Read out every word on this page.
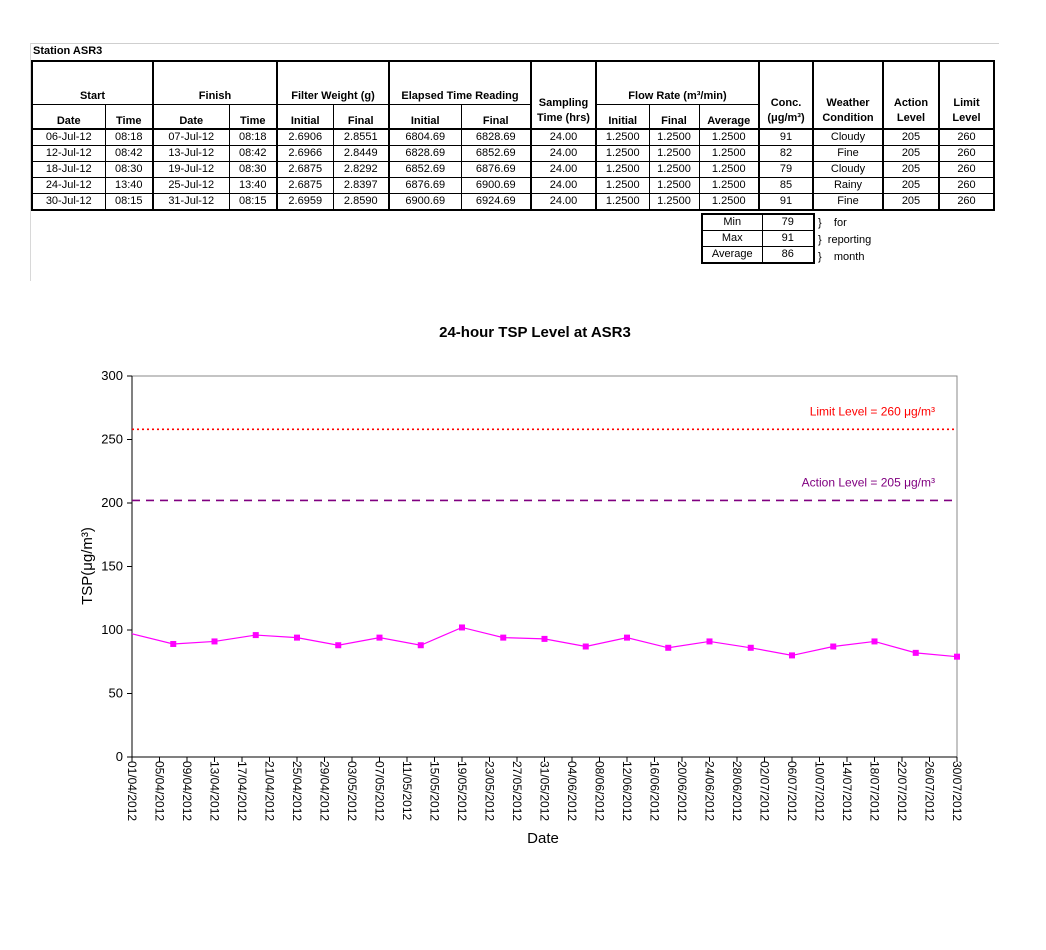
Station ASR3
Start		Finish		Filter Weight (g)		Elapsed Time Reading		Sampling Time (hrs)	Flow Rate (m³/min)			Conc. (μg/m³)	Weather Condition	Action Level	Limit Level
Date	Time	Date	Time	Initial	Final	Initial	Final		Initial	Final	Average				
06-Jul-12	08:18	07-Jul-12	08:18	2.6906	2.8551	6804.69	6828.69	24.00	1.2500	1.2500	1.2500	91	Cloudy	205	260
12-Jul-12	08:42	13-Jul-12	08:42	2.6966	2.8449	6828.69	6852.69	24.00	1.2500	1.2500	1.2500	82	Fine	205	260
18-Jul-12	08:30	19-Jul-12	08:30	2.6875	2.8292	6852.69	6876.69	24.00	1.2500	1.2500	1.2500	79	Cloudy	205	260
24-Jul-12	13:40	25-Jul-12	13:40	2.6875	2.8397	6876.69	6900.69	24.00	1.2500	1.2500	1.2500	85	Rainy	205	260
30-Jul-12	08:15	31-Jul-12	08:15	2.6959	2.8590	6900.69	6924.69	24.00	1.2500	1.2500	1.2500	91	Fine	205	260
Min	79
Max	91
Average	86
}    for
}  reporting
}    month
24-hour TSP Level at ASR3
0
50
100
150
200
250
300
01/04/2012 05/04/2012 09/04/2012 13/04/2012 17/04/2012 21/04/2012 25/04/2012 29/04/2012 03/05/2012 07/05/2012 11/05/2012 15/05/2012 19/05/2012 23/05/2012 27/05/2012 31/05/2012 04/06/2012 08/06/2012 12/06/2012 16/06/2012 20/06/2012 24/06/2012 28/06/2012 02/07/2012 06/07/2012 10/07/2012 14/07/2012 18/07/2012 22/07/2012 26/07/2012 30/07/2012
Limit Level = 260 μg/m³
Action Level = 205 μg/m³
TSP(μg/m³)
Date
